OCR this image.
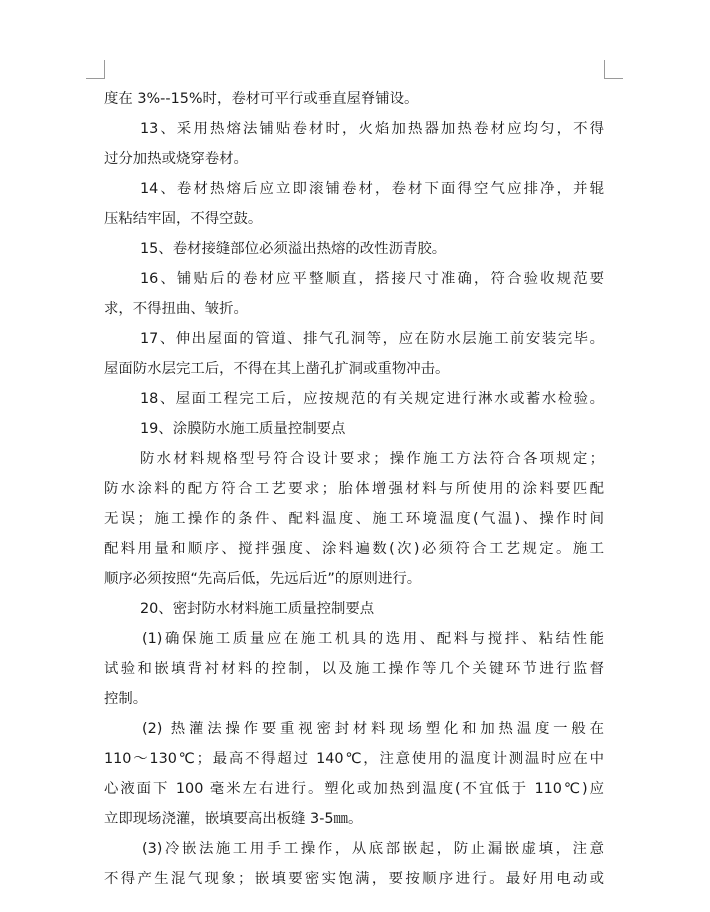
度在 3%--15%时，卷材可平行或垂直屋脊铺设。
13、采用热熔法铺贴卷材时，火焰加热器加热卷材应均匀，不得
过分加热或烧穿卷材。
14、卷材热熔后应立即滚铺卷材，卷材下面得空气应排净，并辊
压粘结牢固，不得空鼓。
15、卷材接缝部位必须溢出热熔的改性沥青胶。
16、铺贴后的卷材应平整顺直，搭接尺寸准确，符合验收规范要
求，不得扭曲、皱折。
17、伸出屋面的管道、排气孔洞等，应在防水层施工前安装完毕。
屋面防水层完工后，不得在其上凿孔扩洞或重物冲击。
18、屋面工程完工后，应按规范的有关规定进行淋水或蓄水检验。
19、涂膜防水施工质量控制要点
防水材料规格型号符合设计要求；操作施工方法符合各项规定；
防水涂料的配方符合工艺要求；胎体增强材料与所使用的涂料要匹配
无误；施工操作的条件、配料温度、施工环境温度(气温)、操作时间
配料用量和顺序、搅拌强度、涂料遍数(次)必须符合工艺规定。施工
顺序必须按照“先高后低，先远后近”的原则进行。
20、密封防水材料施工质量控制要点
(1)确保施工质量应在施工机具的选用、配料与搅拌、粘结性能
试验和嵌填背衬材料的控制，以及施工操作等几个关键环节进行监督
控制。
(2) 热灌法操作要重视密封材料现场塑化和加热温度一般在
110～130℃；最高不得超过 140℃，注意使用的温度计测温时应在中
心液面下 100 毫米左右进行。塑化或加热到温度(不宜低于 110℃)应
立即现场浇灌，嵌填要高出板缝 3-5㎜。
(3)冷嵌法施工用手工操作，从底部嵌起，防止漏嵌虚填，注意
不得产生混气现象；嵌填要密实饱满，要按顺序进行。最好用电动或
